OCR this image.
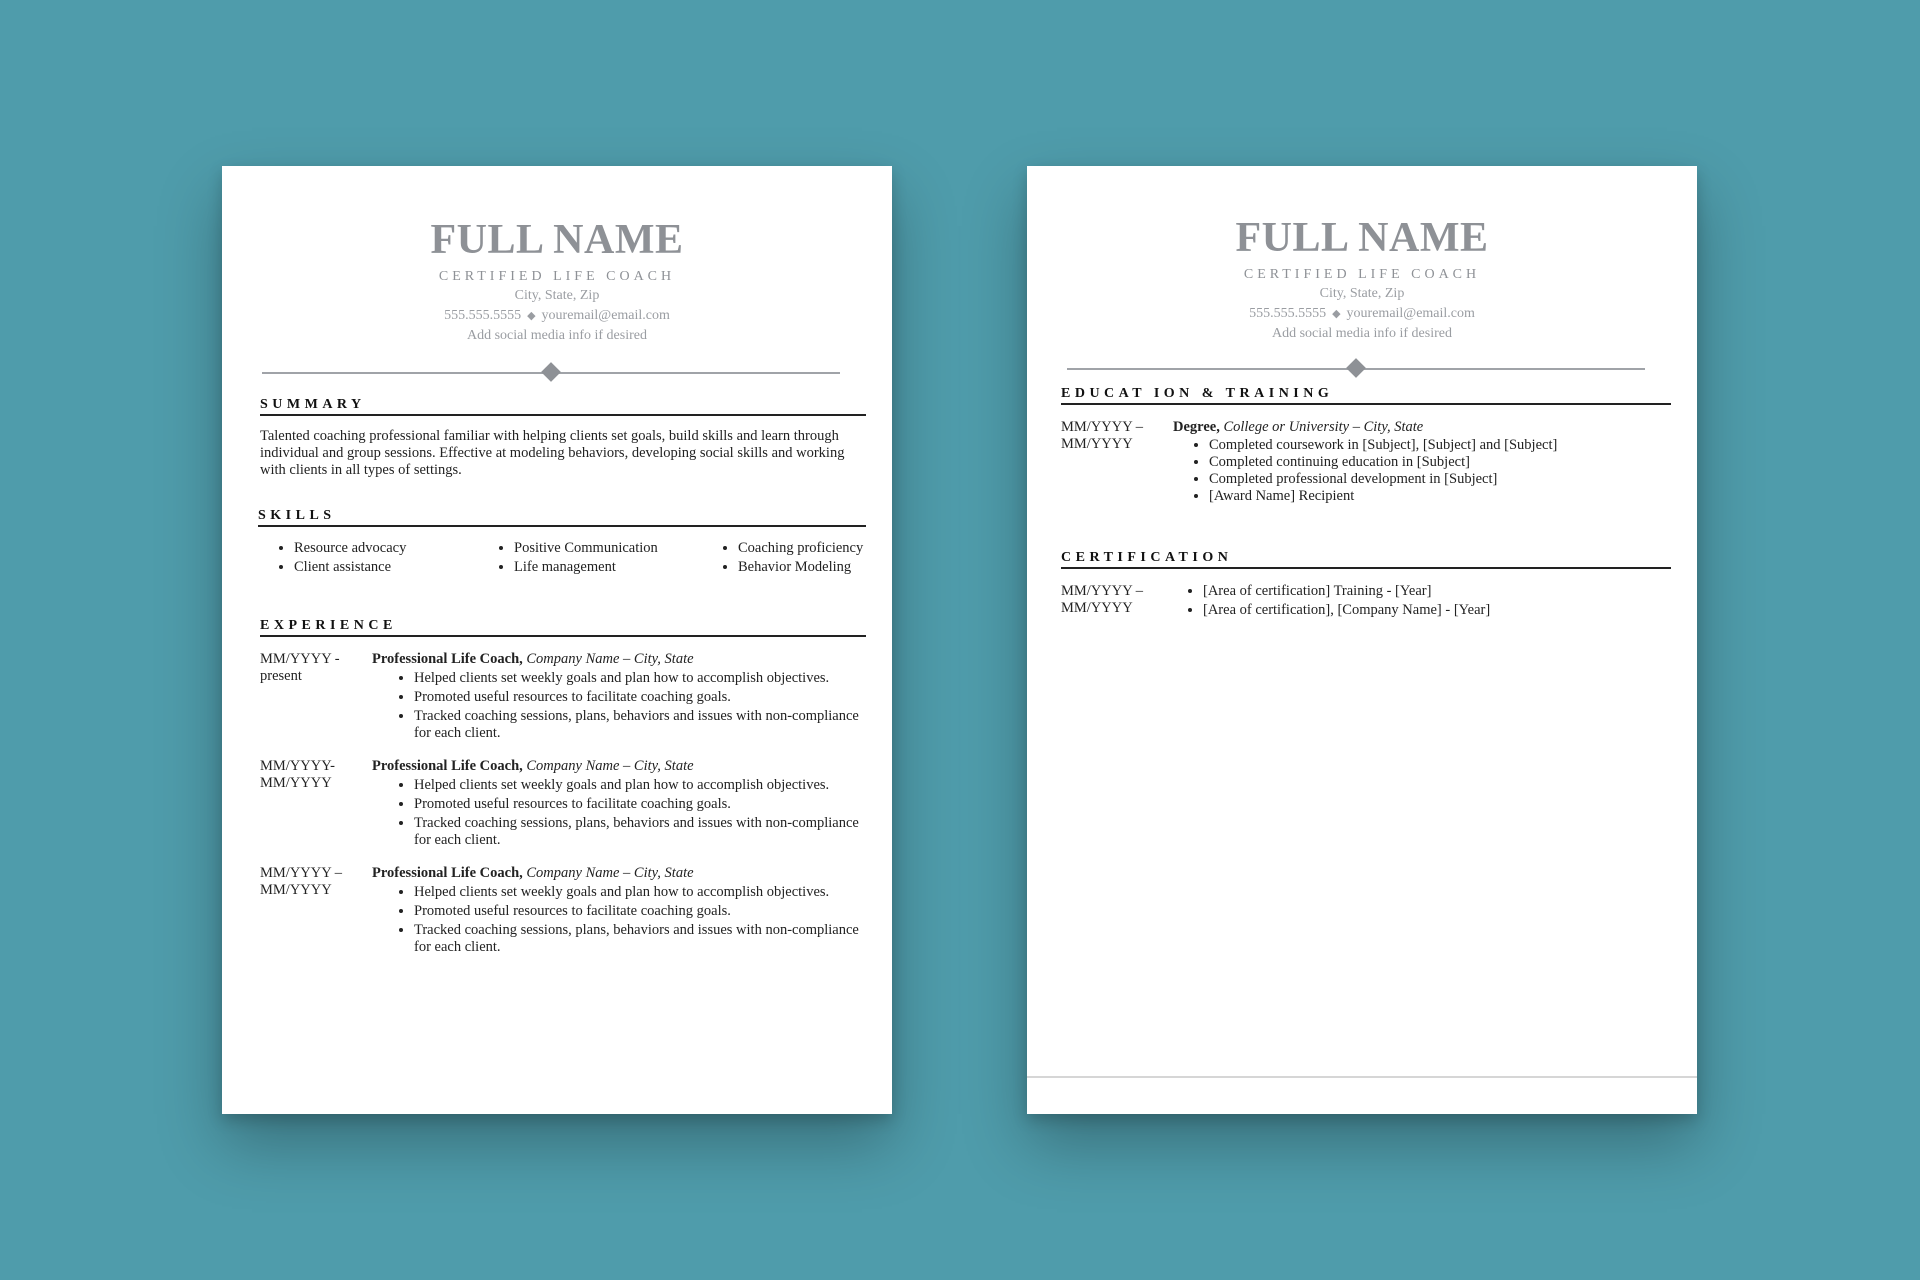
FULL NAME
CERTIFIED LIFE COACH
City, State, Zip
555.555.5555 ◆ youremail@email.com
Add social media info if desired
SUMMARY
Talented coaching professional familiar with helping clients set goals, build skills and learn through individual and group sessions. Effective at modeling behaviors, developing social skills and working with clients in all types of settings.
SKILLS
• Resource advocacy
• Client assistance
• Positive Communication
• Life management
• Coaching proficiency
• Behavior Modeling
EXPERIENCE
MM/YYYY -
present
Professional Life Coach, Company Name – City, State
• Helped clients set weekly goals and plan how to accomplish objectives.
• Promoted useful resources to facilitate coaching goals.
• Tracked coaching sessions, plans, behaviors and issues with non-compliance for each client.
MM/YYYY-
MM/YYYY
Professional Life Coach, Company Name – City, State
• Helped clients set weekly goals and plan how to accomplish objectives.
• Promoted useful resources to facilitate coaching goals.
• Tracked coaching sessions, plans, behaviors and issues with non-compliance for each client.
MM/YYYY –
MM/YYYY
Professional Life Coach, Company Name – City, State
• Helped clients set weekly goals and plan how to accomplish objectives.
• Promoted useful resources to facilitate coaching goals.
• Tracked coaching sessions, plans, behaviors and issues with non-compliance for each client.
FULL NAME
CERTIFIED LIFE COACH
City, State, Zip
555.555.5555 ◆ youremail@email.com
Add social media info if desired
EDUCAT ION & TRAINING
MM/YYYY –
MM/YYYY
Degree, College or University – City, State
• Completed coursework in [Subject], [Subject] and [Subject]
• Completed continuing education in [Subject]
• Completed professional development in [Subject]
• [Award Name] Recipient
CERTIFICATION
MM/YYYY –
MM/YYYY
• [Area of certification] Training - [Year]
• [Area of certification], [Company Name] - [Year]
